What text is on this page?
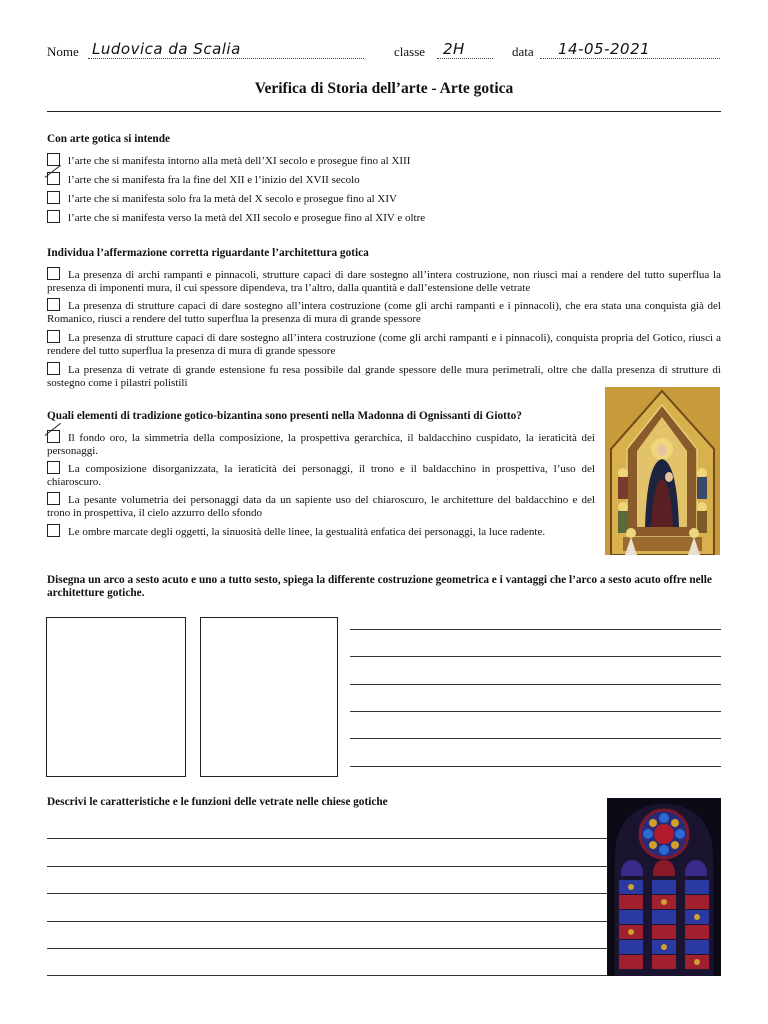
Nome Ludovica da Scalia	classe 2H	data 14-05-2021
Verifica di Storia dell’arte - Arte gotica
Con arte gotica si intende
l’arte che si manifesta intorno alla metà dell’XI secolo e prosegue fino al XIII
l’arte che si manifesta fra la fine del XII e l’inizio del XVII secolo
l’arte che si manifesta solo fra la metà del X secolo e prosegue fino al XIV
l’arte che si manifesta verso la metà del XII secolo e prosegue fino al XIV e oltre
Individua l’affermazione corretta riguardante l’architettura gotica
La presenza di archi rampanti e pinnacoli, strutture capaci di dare sostegno all’intera costruzione, non riuscì mai a rendere del tutto superflua la presenza di imponenti mura, il cui spessore dipendeva, tra l’altro, dalla quantità e dall’estensione delle vetrate
La presenza di strutture capaci di dare sostegno all’intera costruzione (come gli archi rampanti e i pinnacoli), che era stata una conquista già del Romanico, riuscì a rendere del tutto superflua la presenza di mura di grande spessore
La presenza di strutture capaci di dare sostegno all’intera costruzione (come gli archi rampanti e i pinnacoli), conquista propria del Gotico, riuscì a rendere del tutto superflua la presenza di mura di grande spessore
La presenza di vetrate di grande estensione fu resa possibile dal grande spessore delle mura perimetrali, oltre che dalla presenza di strutture di sostegno come i pilastri polistili
Quali elementi di tradizione gotico-bizantina sono presenti nella Madonna di Ognissanti di Giotto?
Il fondo oro, la simmetria della composizione, la prospettiva gerarchica, il baldacchino cuspidato, la ieraticità dei personaggi.
La composizione disorganizzata, la ieraticità dei personaggi, il trono e il baldacchino in prospettiva, l’uso del chiaroscuro.
La pesante volumetria dei personaggi data da un sapiente uso del chiaroscuro, le architetture del baldacchino e del trono in prospettiva, il cielo azzurro dello sfondo
Le ombre marcate degli oggetti, la sinuosità delle linee, la gestualità enfatica dei personaggi, la luce radente.
Disegna un arco a sesto acuto e uno a tutto sesto, spiega la differente costruzione geometrica e i vantaggi che l’arco a sesto acuto offre nelle architetture gotiche.
Descrivi le caratteristiche e le funzioni delle vetrate nelle chiese gotiche
